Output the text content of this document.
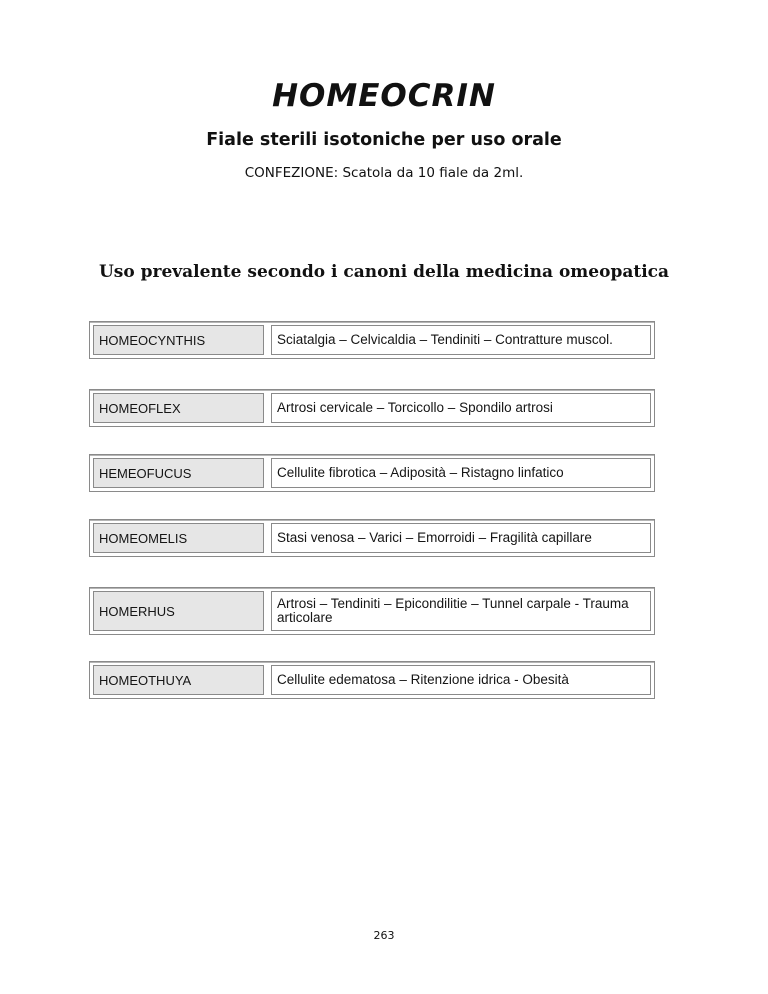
HOMEOCRIN
Fiale sterili isotoniche per uso orale

CONFEZIONE: Scatola da 10 fiale da 2ml.

Uso prevalente secondo i canoni della medicina omeopatica
HOMEOCYNTHIS	Sciatalgia – Celvicaldia – Tendiniti – Contratture muscol.
HOMEOFLEX	Artrosi cervicale – Torcicollo – Spondilo artrosi
HEMEOFUCUS	Cellulite fibrotica – Adiposità – Ristagno linfatico
HOMEOMELIS	Stasi venosa – Varici – Emorroidi – Fragilità capillare
HOMERHUS	Artrosi – Tendiniti – Epicondilitie – Tunnel carpale - Trauma articolare
HOMEOTHUYA	Cellulite edematosa – Ritenzione idrica - Obesità
263
